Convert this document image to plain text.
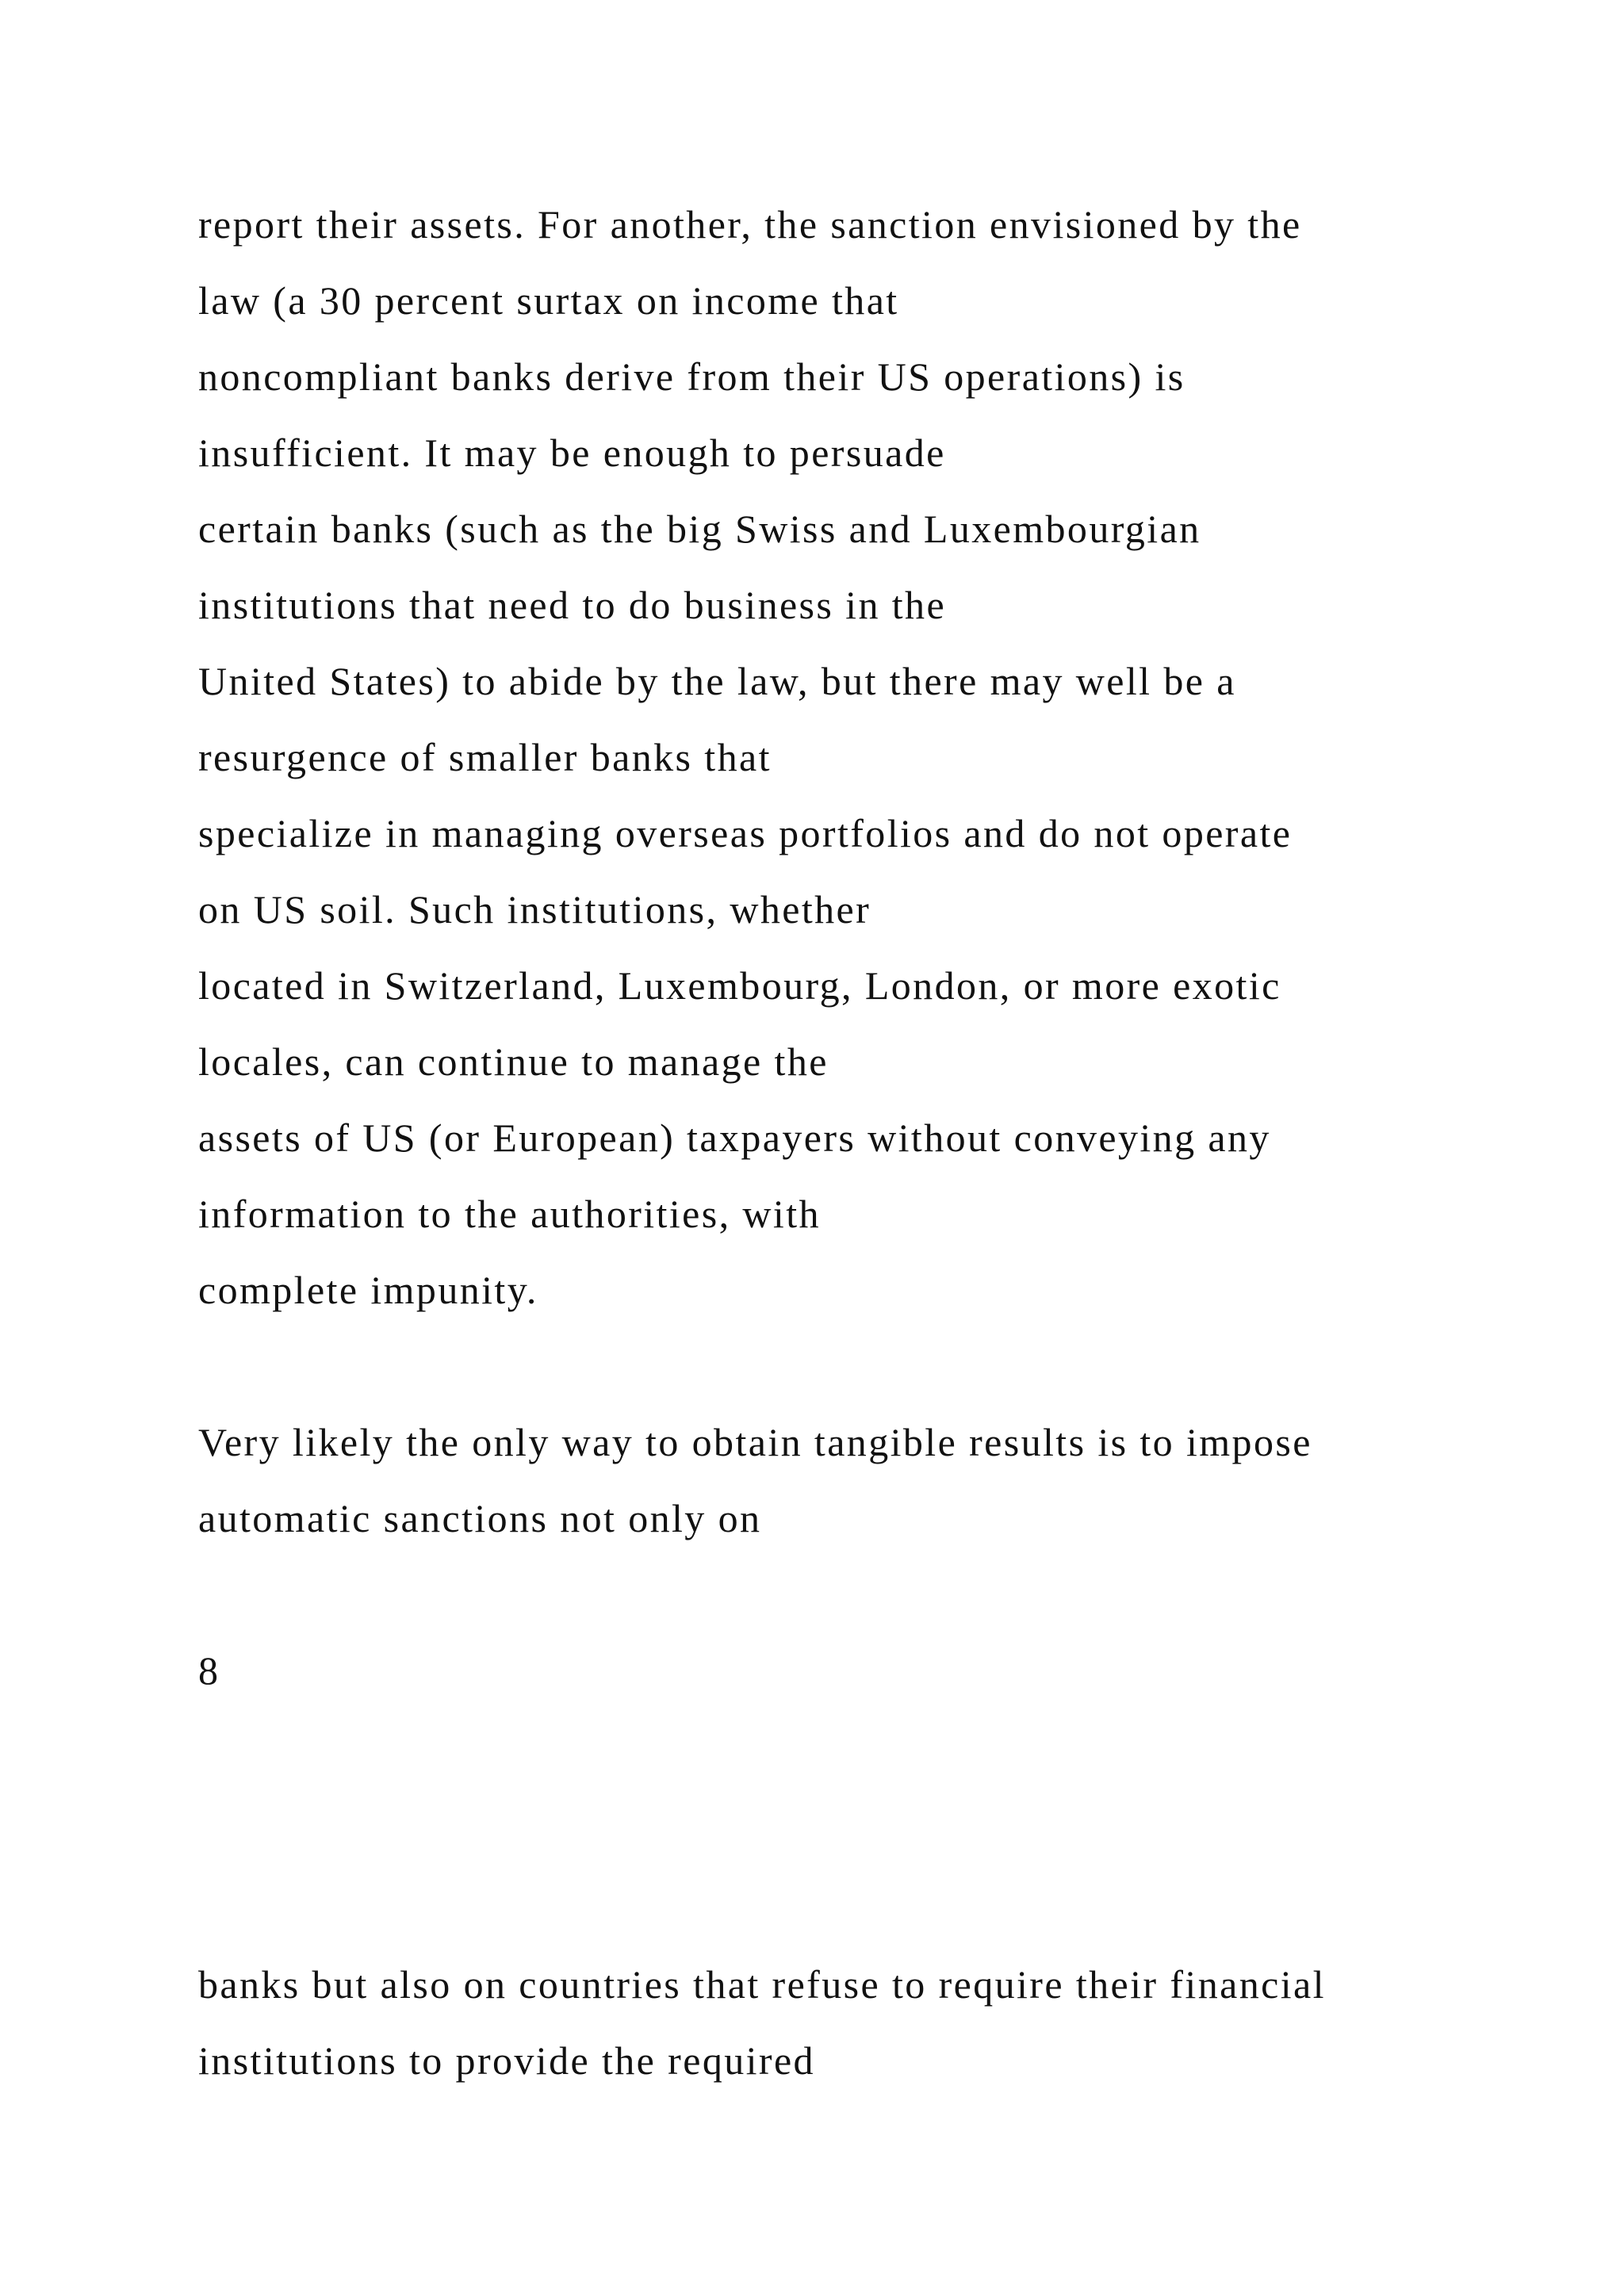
report their assets. For another, the sanction envisioned by the
law (a 30 percent surtax on income that
noncompliant banks derive from their US operations) is
insufficient. It may be enough to persuade
certain banks (such as the big Swiss and Luxembourgian
institutions that need to do business in the
United States) to abide by the law, but there may well be a
resurgence of smaller banks that
specialize in managing overseas portfolios and do not operate
on US soil. Such institutions, whether
located in Switzerland, Luxembourg, London, or more exotic
locales, can continue to manage the
assets of US (or European) taxpayers without conveying any
information to the authorities, with
complete impunity.
Very likely the only way to obtain tangible results is to impose
automatic sanctions not only on
8
banks but also on countries that refuse to require their financial
institutions to provide the required
